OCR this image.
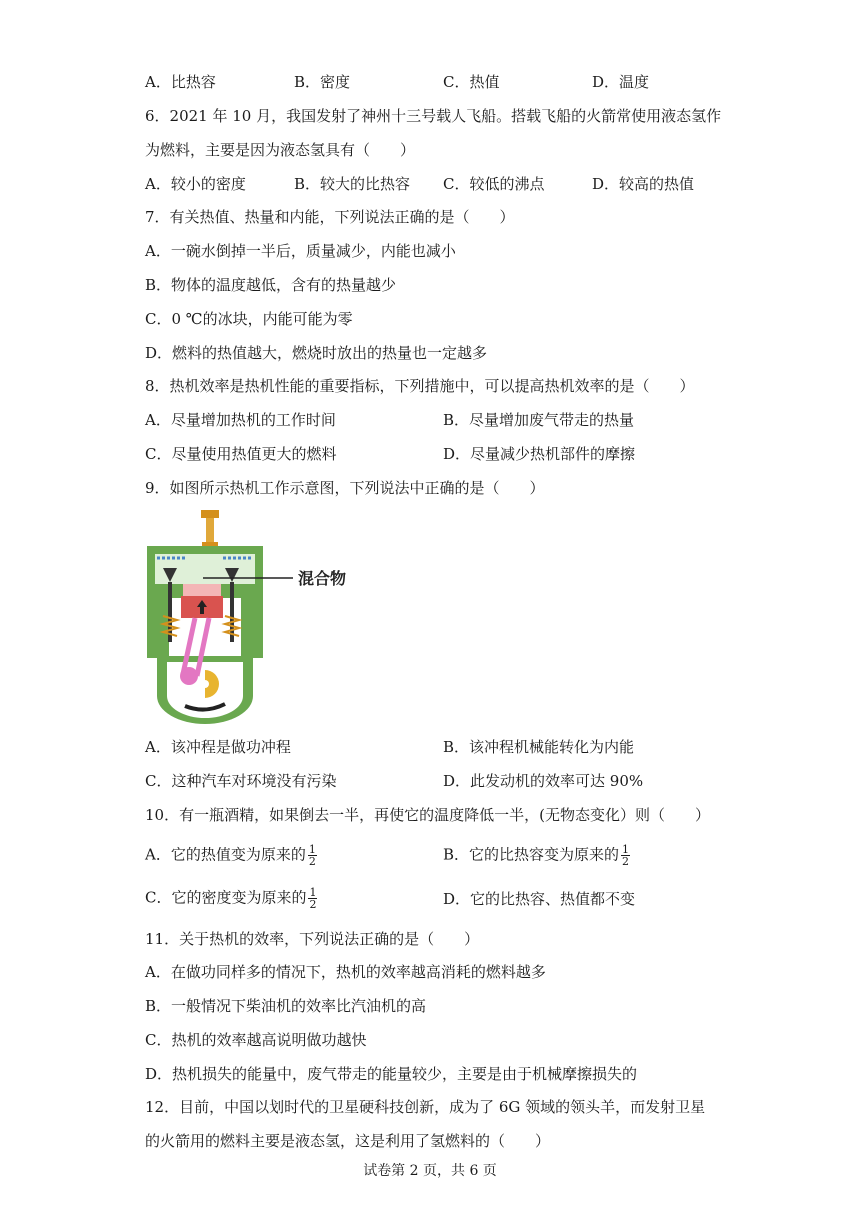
A．比热容	B．密度	C．热值	D．温度
6．2021 年 10 月，我国发射了神州十三号载人飞船。搭载飞船的火箭常使用液态氢作
为燃料，主要是因为液态氢具有（　　）
A．较小的密度	B．较大的比热容 C．较低的沸点	D．较高的热值
7．有关热值、热量和内能，下列说法正确的是（　　）
A．一碗水倒掉一半后，质量减少，内能也减小
B．物体的温度越低，含有的热量越少
C．0 ℃的冰块，内能可能为零
D．燃料的热值越大，燃烧时放出的热量也一定越多
8．热机效率是热机性能的重要指标，下列措施中，可以提高热机效率的是（　　）
A．尽量增加热机的工作时间	B．尽量增加废气带走的热量
C．尽量使用热值更大的燃料	D．尽量减少热机部件的摩擦
9．如图所示热机工作示意图，下列说法中正确的是（　　）
混合物
A．该冲程是做功冲程	B．该冲程机械能转化为内能
C．这种汽车对环境没有污染	D．此发动机的效率可达 90%
10．有一瓶酒精，如果倒去一半，再使它的温度降低一半，(无物态变化）则（　　）
A．它的热值变为原来的 $\frac{1}{2}$	B．它的比热容变为原来的 $\frac{1}{2}$
C．它的密度变为原来的 $\frac{1}{2}$	D．它的比热容、热值都不变
11．关于热机的效率，下列说法正确的是（　　）
A．在做功同样多的情况下，热机的效率越高消耗的燃料越多
B．一般情况下柴油机的效率比汽油机的高
C．热机的效率越高说明做功越快
D．热机损失的能量中，废气带走的能量较少，主要是由于机械摩擦损失的
12．目前，中国以划时代的卫星硬科技创新，成为了 6G 领域的领头羊，而发射卫星
的火箭用的燃料主要是液态氢，这是利用了氢燃料的（　　）
试卷第 2 页，共 6 页
